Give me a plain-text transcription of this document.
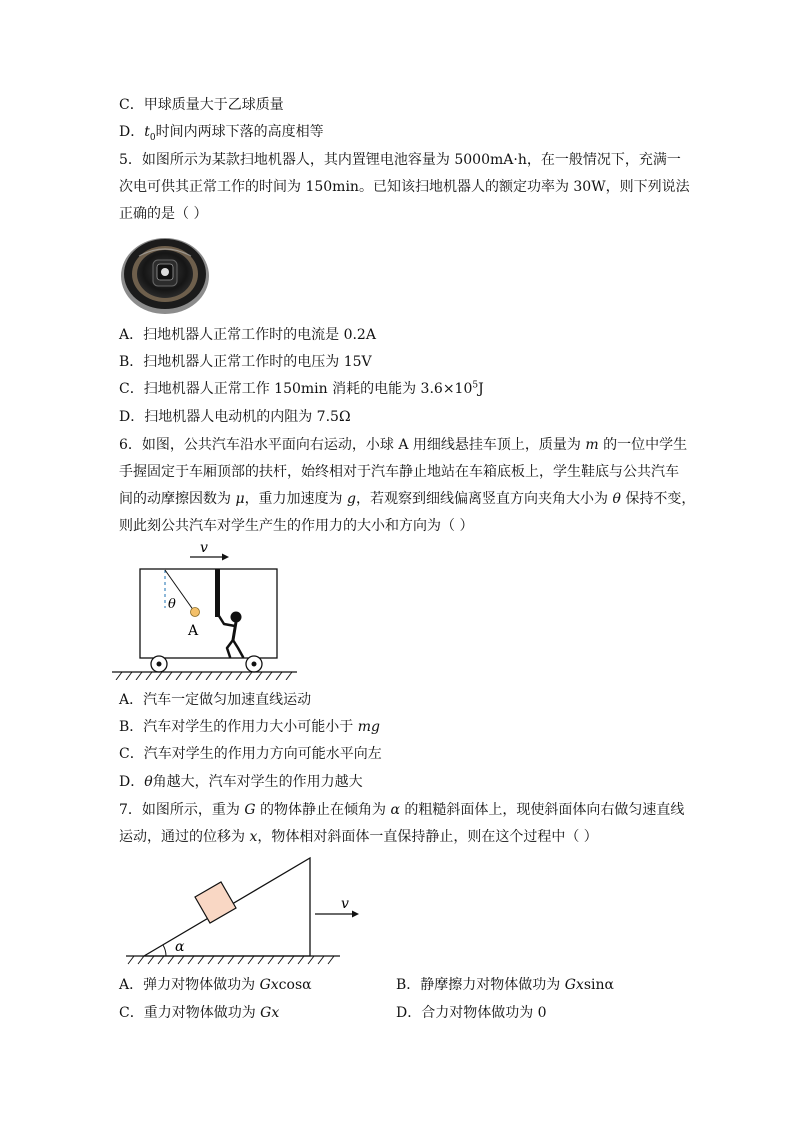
C．甲球质量大于乙球质量
D．$t_0$时间内两球下落的高度相等
5．如图所示为某款扫地机器人，其内置锂电池容量为 5000mA·h，在一般情况下，充满一
次电可供其正常工作的时间为 150min。已知该扫地机器人的额定功率为 30W，则下列说法
正确的是（ ）
A．扫地机器人正常工作时的电流是 0.2A
B．扫地机器人正常工作时的电压为 15V
C．扫地机器人正常工作 150min 消耗的电能为 $3.6\times 10^5J$
D．扫地机器人电动机的内阻为 7.5Ω
6．如图，公共汽车沿水平面向右运动，小球 A 用细线悬挂车顶上，质量为 m 的一位中学生
手握固定于车厢顶部的扶杆，始终相对于汽车静止地站在车箱底板上，学生鞋底与公共汽车
间的动摩擦因数为 μ，重力加速度为 g，若观察到细线偏离竖直方向夹角大小为 θ 保持不变，
则此刻公共汽车对学生产生的作用力的大小和方向为（ ）
v
θ
A
A．汽车一定做匀加速直线运动
B．汽车对学生的作用力大小可能小于 mg
C．汽车对学生的作用力方向可能水平向左
D．θ角越大，汽车对学生的作用力越大
7．如图所示，重为 G 的物体静止在倾角为 α 的粗糙斜面体上，现使斜面体向右做匀速直线
运动，通过的位移为 x，物体相对斜面体一直保持静止，则在这个过程中（ ）
α
v
A．弹力对物体做功为 Gxcosα	B．静摩擦力对物体做功为 Gxsinα
C．重力对物体做功为 Gx	D．合力对物体做功为 0
